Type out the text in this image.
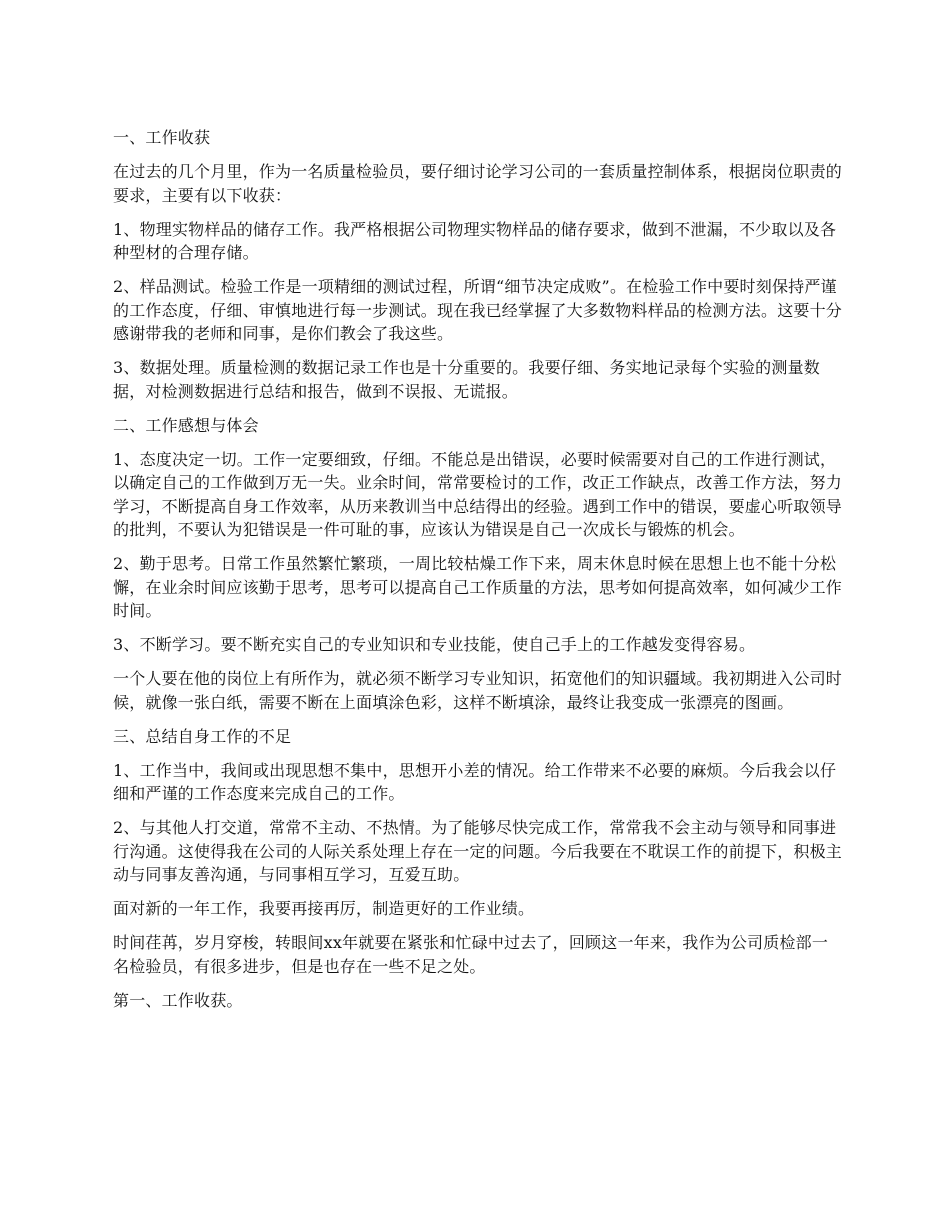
一、工作收获

在过去的几个月里，作为一名质量检验员，要仔细讨论学习公司的一套质量控制体系，根据岗位职责的要求，主要有以下收获：

1、物理实物样品的储存工作。我严格根据公司物理实物样品的储存要求，做到不泄漏，不少取以及各种型材的合理存储。

2、样品测试。检验工作是一项精细的测试过程，所谓“细节决定成败”。在检验工作中要时刻保持严谨的工作态度，仔细、审慎地进行每一步测试。现在我已经掌握了大多数物料样品的检测方法。这要十分感谢带我的老师和同事，是你们教会了我这些。

3、数据处理。质量检测的数据记录工作也是十分重要的。我要仔细、务实地记录每个实验的测量数据，对检测数据进行总结和报告，做到不误报、无谎报。

二、工作感想与体会

1、态度决定一切。工作一定要细致，仔细。不能总是出错误，必要时候需要对自己的工作进行测试，以确定自己的工作做到万无一失。业余时间，常常要检讨的工作，改正工作缺点，改善工作方法，努力学习，不断提高自身工作效率，从历来教训当中总结得出的经验。遇到工作中的错误，要虚心听取领导的批判，不要认为犯错误是一件可耻的事，应该认为错误是自己一次成长与锻炼的机会。

2、勤于思考。日常工作虽然繁忙繁琐，一周比较枯燥工作下来，周末休息时候在思想上也不能十分松懈，在业余时间应该勤于思考，思考可以提高自己工作质量的方法，思考如何提高效率，如何减少工作时间。

3、不断学习。要不断充实自己的专业知识和专业技能，使自己手上的工作越发变得容易。

一个人要在他的岗位上有所作为，就必须不断学习专业知识，拓宽他们的知识疆域。我初期进入公司时候，就像一张白纸，需要不断在上面填涂色彩，这样不断填涂，最终让我变成一张漂亮的图画。

三、总结自身工作的不足

1、工作当中，我间或出现思想不集中，思想开小差的情况。给工作带来不必要的麻烦。今后我会以仔细和严谨的工作态度来完成自己的工作。

2、与其他人打交道，常常不主动、不热情。为了能够尽快完成工作，常常我不会主动与领导和同事进行沟通。这使得我在公司的人际关系处理上存在一定的问题。今后我要在不耽误工作的前提下，积极主动与同事友善沟通，与同事相互学习，互爱互助。

面对新的一年工作，我要再接再厉，制造更好的工作业绩。

时间荏苒，岁月穿梭，转眼间xx年就要在紧张和忙碌中过去了，回顾这一年来，我作为公司质检部一名检验员，有很多进步，但是也存在一些不足之处。

第一、工作收获。
